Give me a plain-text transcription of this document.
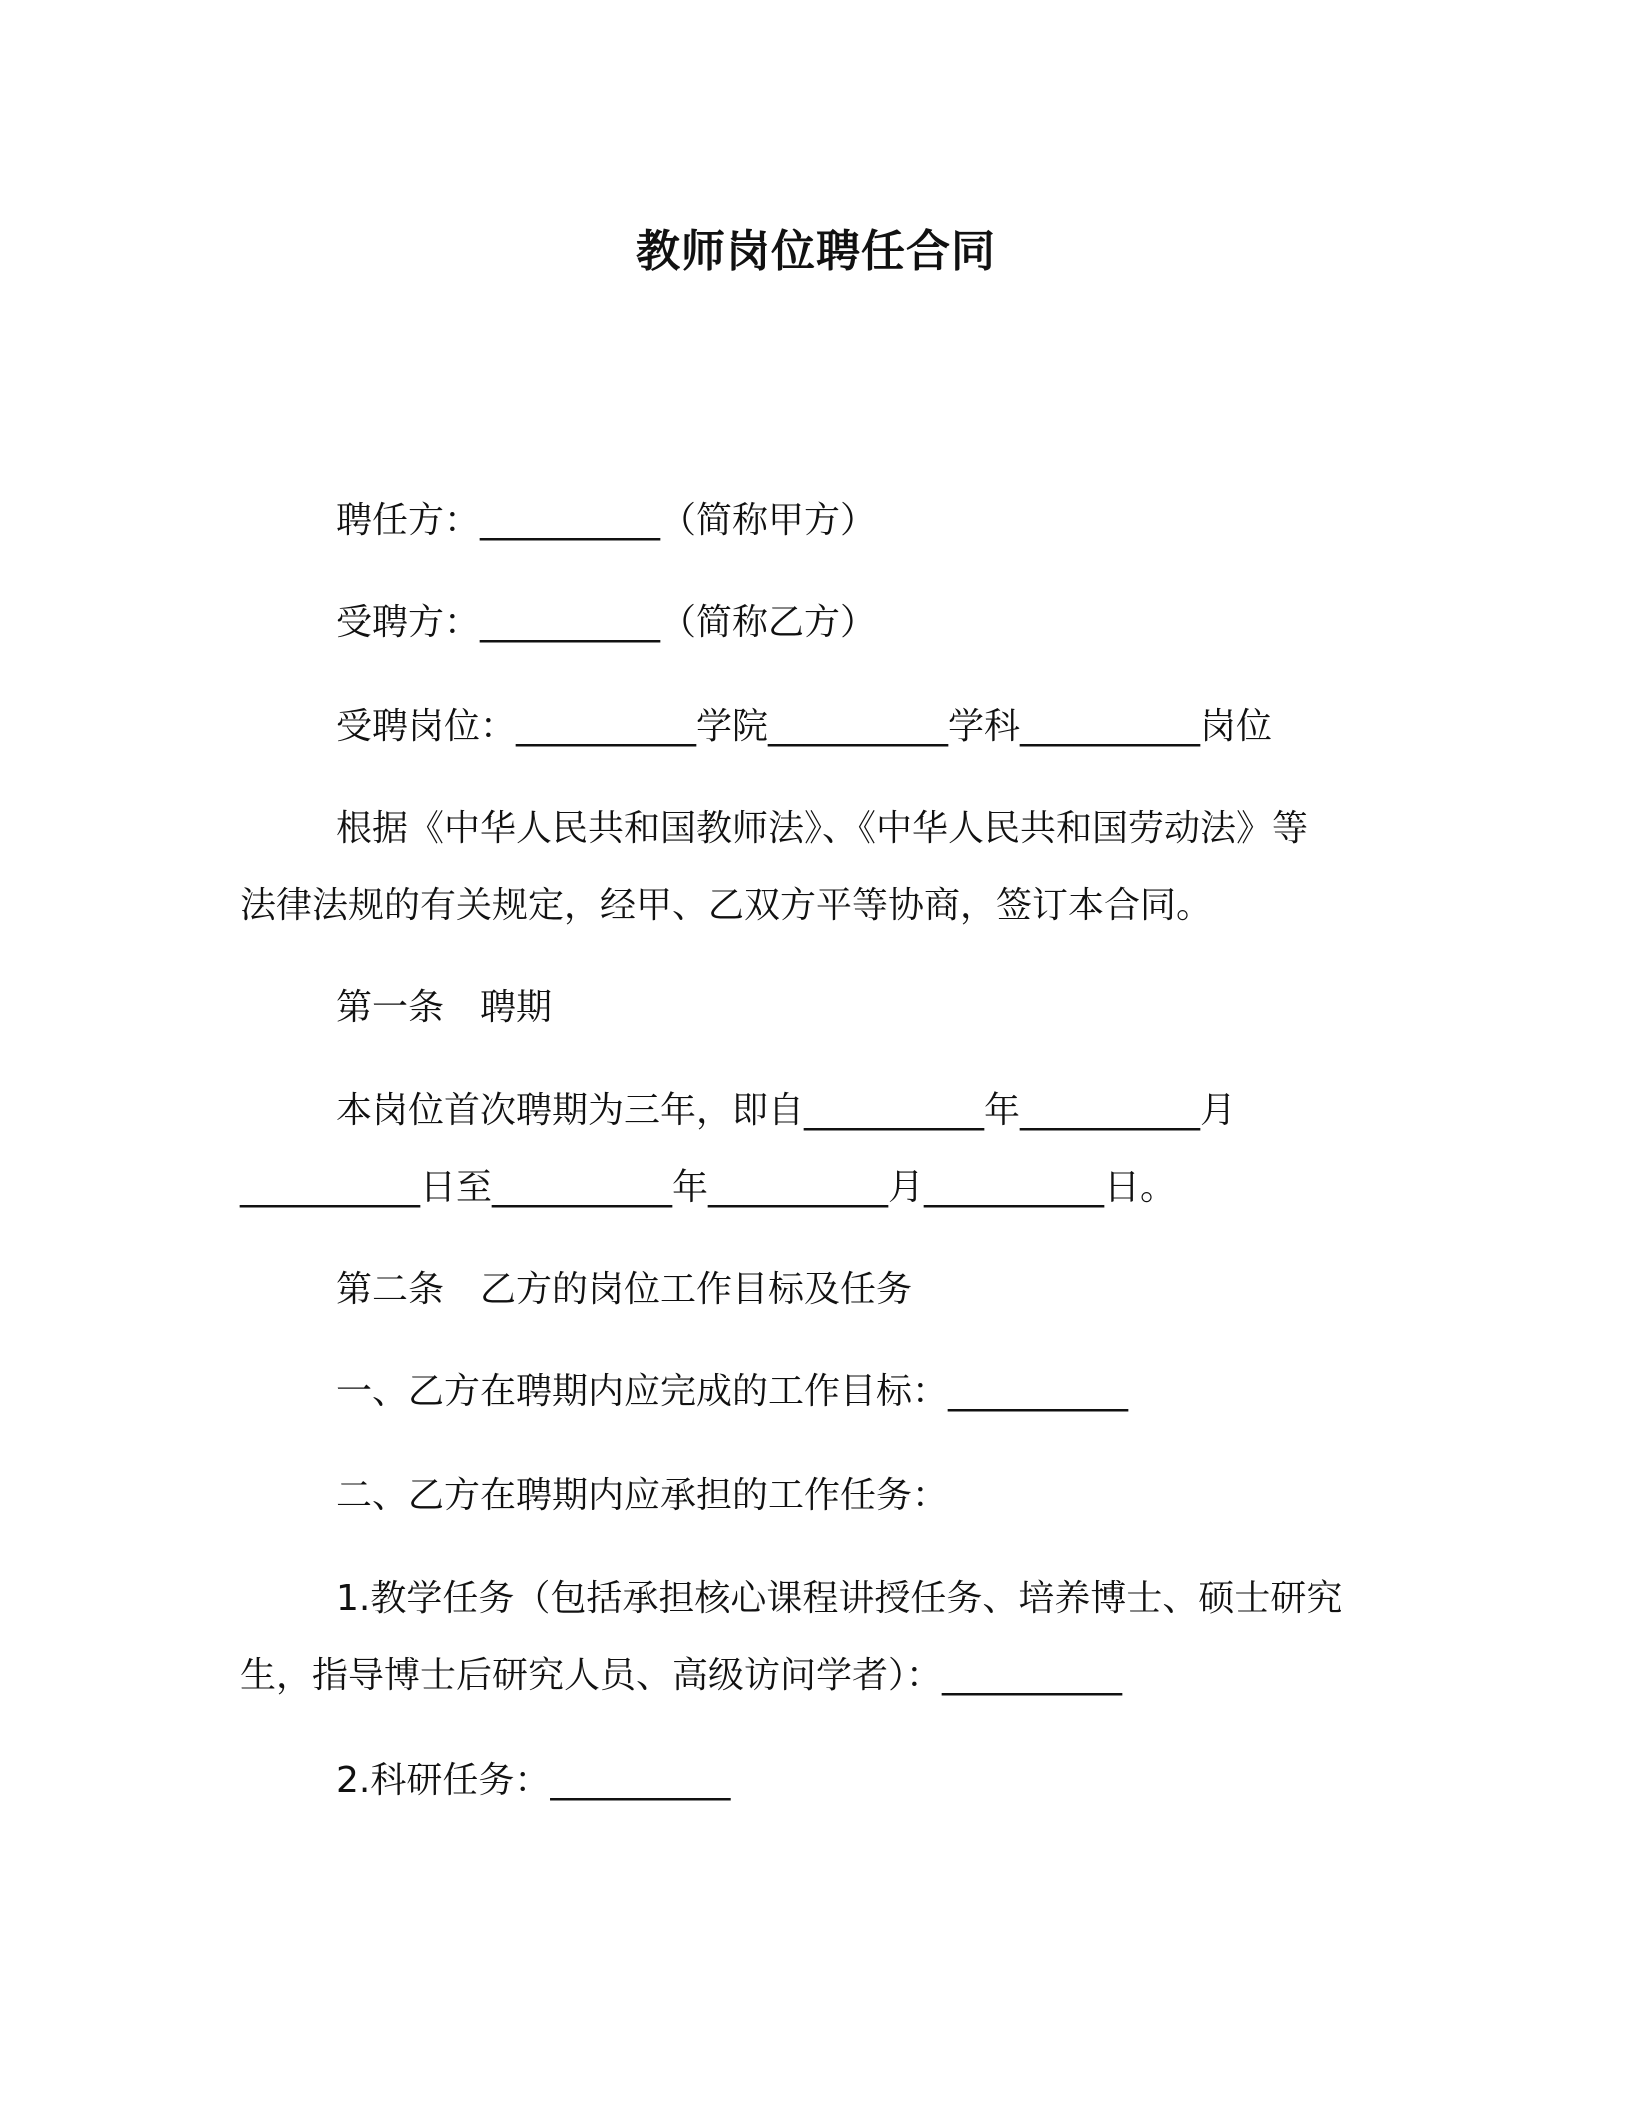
教师岗位聘任合同

聘任方：__________（简称甲方）

受聘方：__________（简称乙方）

受聘岗位：__________学院__________学科__________岗位

根据《中华人民共和国教师法》、《中华人民共和国劳动法》等

法律法规的有关规定，经甲、乙双方平等协商，签订本合同。

第一条　聘期

本岗位首次聘期为三年，即自__________年__________月

__________日至__________年__________月__________日。

第二条　乙方的岗位工作目标及任务

一、乙方在聘期内应完成的工作目标：__________

二、乙方在聘期内应承担的工作任务：

1.教学任务（包括承担核心课程讲授任务、培养博士、硕士研究

生，指导博士后研究人员、高级访问学者）：__________

2.科研任务：__________
